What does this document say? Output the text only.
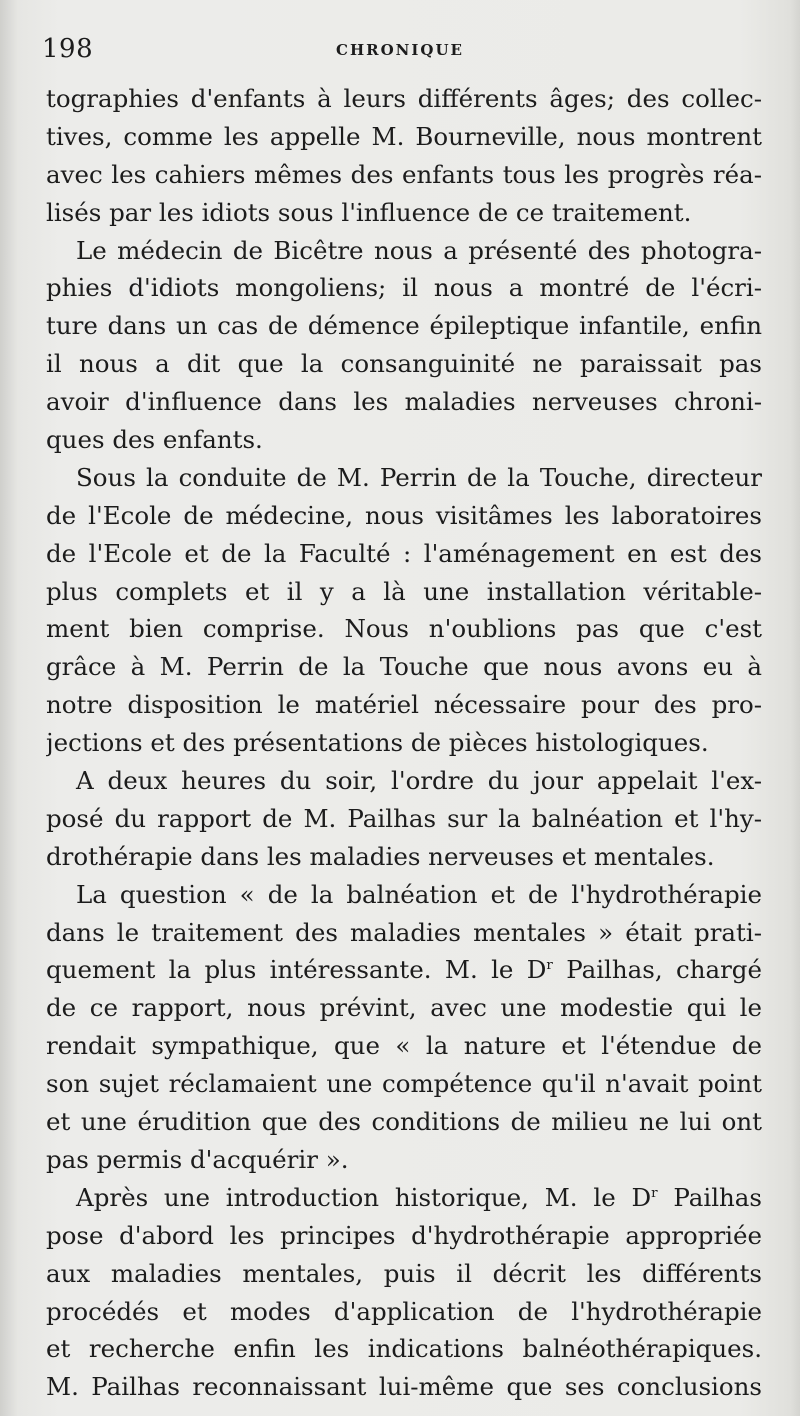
198	CHRONIQUE
tographies d'enfants à leurs différents âges; des collec-
tives, comme les appelle M. Bourneville, nous montrent
avec les cahiers mêmes des enfants tous les progrès réa-
lisés par les idiots sous l'influence de ce traitement.
Le médecin de Bicêtre nous a présenté des photogra-
phies d'idiots mongoliens; il nous a montré de l'écri-
ture dans un cas de démence épileptique infantile, enfin
il nous a dit que la consanguinité ne paraissait pas
avoir d'influence dans les maladies nerveuses chroni-
ques des enfants.
Sous la conduite de M. Perrin de la Touche, directeur
de l'Ecole de médecine, nous visitâmes les laboratoires
de l'Ecole et de la Faculté : l'aménagement en est des
plus complets et il y a là une installation véritable-
ment bien comprise. Nous n'oublions pas que c'est
grâce à M. Perrin de la Touche que nous avons eu à
notre disposition le matériel nécessaire pour des pro-
jections et des présentations de pièces histologiques.
A deux heures du soir, l'ordre du jour appelait l'ex-
posé du rapport de M. Pailhas sur la balnéation et l'hy-
drothérapie dans les maladies nerveuses et mentales.
La question « de la balnéation et de l'hydrothérapie
dans le traitement des maladies mentales » était prati-
quement la plus intéressante. M. le $D^r$ Pailhas, chargé
de ce rapport, nous prévint, avec une modestie qui le
rendait sympathique, que « la nature et l'étendue de
son sujet réclamaient une compétence qu'il n'avait point
et une érudition que des conditions de milieu ne lui ont
pas permis d'acquérir ».
Après une introduction historique, M. le $D^r$ Pailhas
pose d'abord les principes d'hydrothérapie appropriée
aux maladies mentales, puis il décrit les différents
procédés et modes d'application de l'hydrothérapie
et recherche enfin les indications balnéothérapiques.
M. Pailhas reconnaissant lui-même que ses conclusions
